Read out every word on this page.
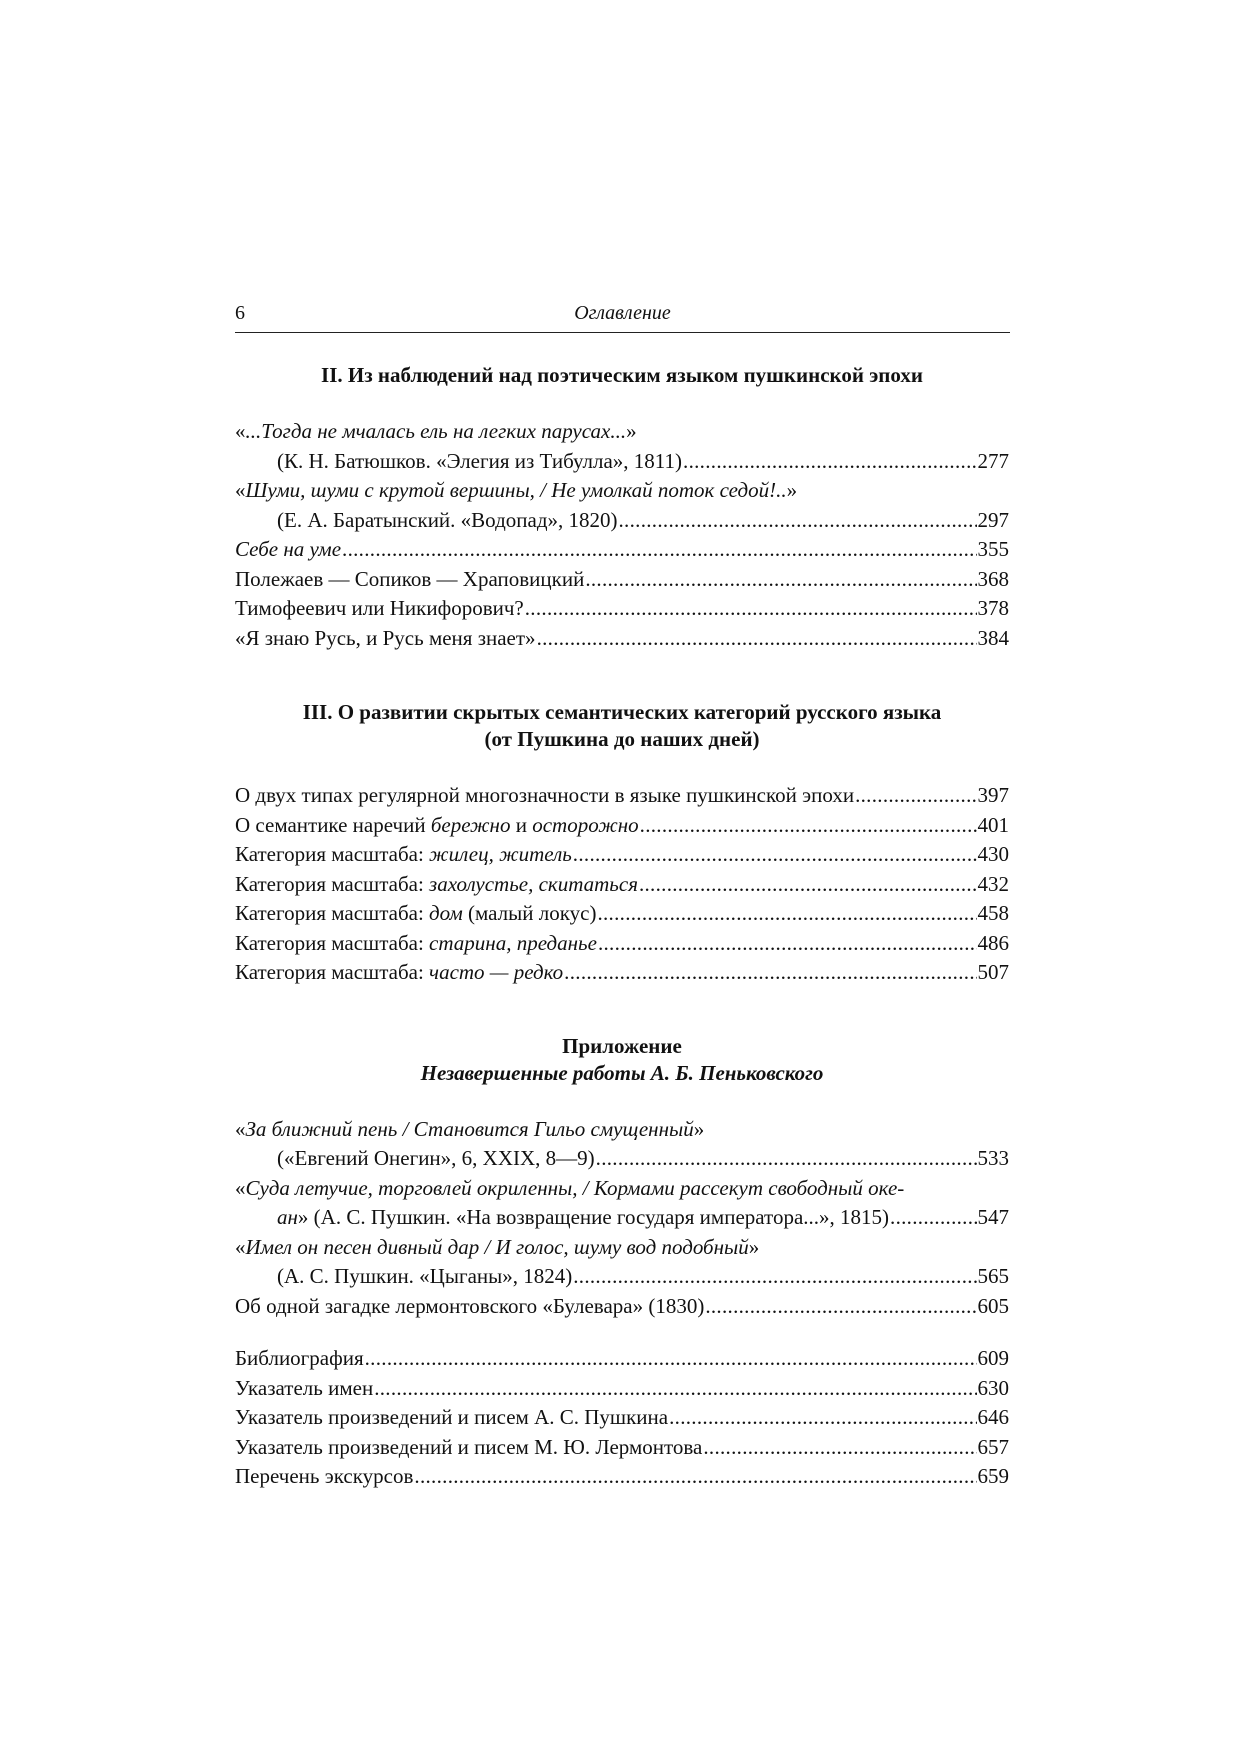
6	Оглавление
II. Из наблюдений над поэтическим языком пушкинской эпохи
«...Тогда не мчалась ель на легких парусах...»
(К. Н. Батюшков. «Элегия из Тибулла», 1811) .....	277
«Шуми, шуми с крутой вершины, / Не умолкай поток седой!..»
(Е. А. Баратынский. «Водопад», 1820) .....	297
Себе на уме .....	355
Полежаев — Сопиков — Храповицкий .....	368
Тимофеевич или Никифорович? .....	378
«Я знаю Русь, и Русь меня знает» .....	384
III. О развитии скрытых семантических категорий русского языка
(от Пушкина до наших дней)
О двух типах регулярной многозначности в языке пушкинской эпохи .....	397
О семантике наречий бережно и осторожно .....	401
Категория масштаба: жилец, житель .....	430
Категория масштаба: захолустье, скитаться .....	432
Категория масштаба: дом (малый локус) .....	458
Категория масштаба: старина, преданье .....	486
Категория масштаба: часто — редко .....	507
Приложение
Незавершенные работы А. Б. Пеньковского
«За ближний пень / Становится Гильо смущенный»
(«Евгений Онегин», 6, XXIX, 8—9) .....	533
«Суда летучие, торговлей окриленны, / Кормами рассекут свободный оке-
ан» (А. С. Пушкин. «На возвращение государя императора...», 1815) .....	547
«Имел он песен дивный дар / И голос, шуму вод подобный»
(А. С. Пушкин. «Цыганы», 1824) .....	565
Об одной загадке лермонтовского «Булевара» (1830) .....	605
Библиография .....	609
Указатель имен .....	630
Указатель произведений и писем А. С. Пушкина .....	646
Указатель произведений и писем М. Ю. Лермонтова .....	657
Перечень экскурсов .....	659
